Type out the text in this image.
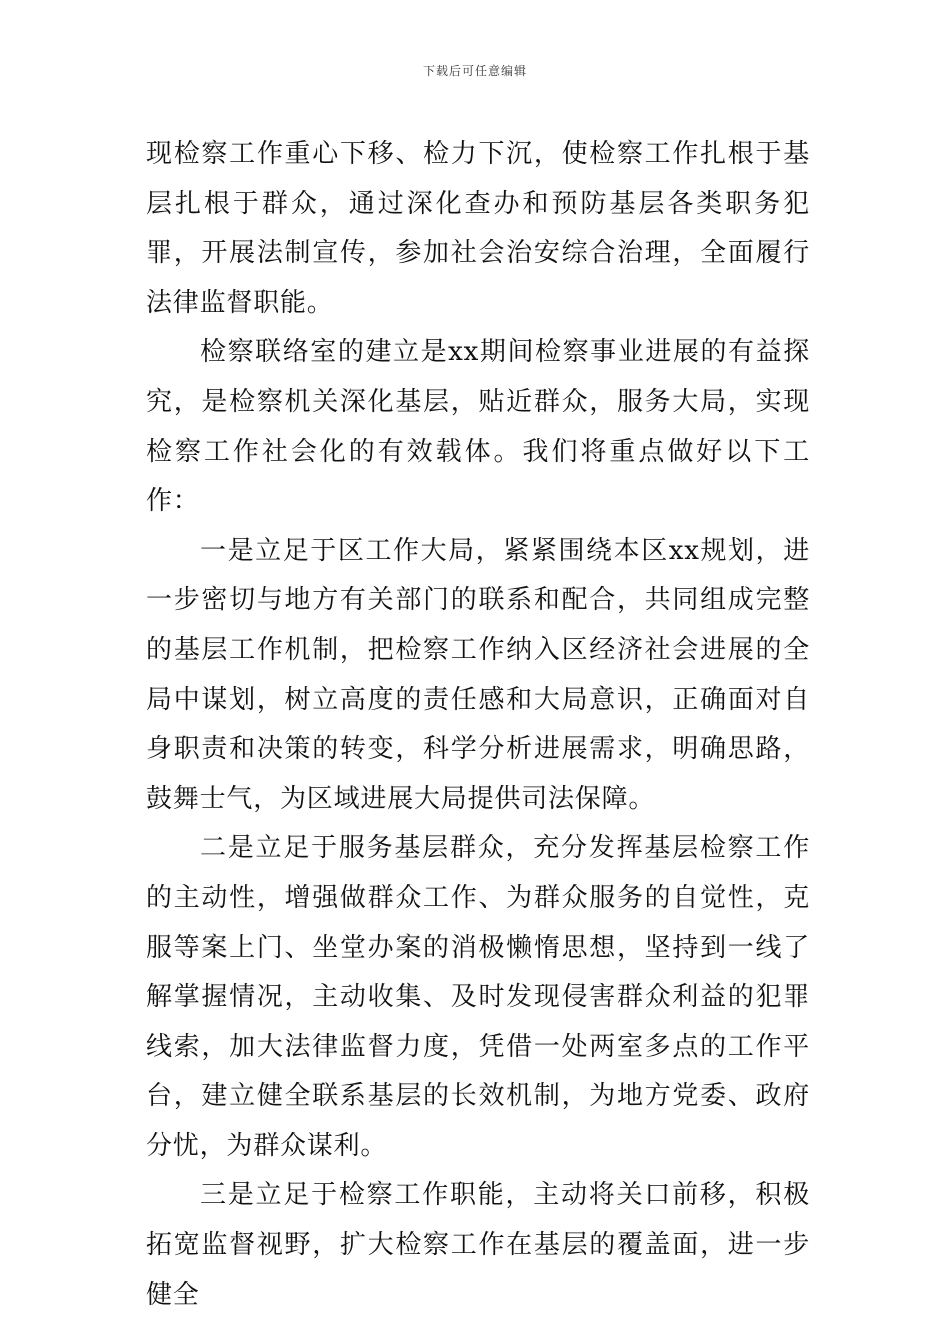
下载后可任意编辑

现检察工作重心下移、检力下沉，使检察工作扎根于基层扎根于群众，通过深化查办和预防基层各类职务犯罪，开展法制宣传，参加社会治安综合治理，全面履行法律监督职能。

检察联络室的建立是xx期间检察事业进展的有益探究，是检察机关深化基层，贴近群众，服务大局，实现检察工作社会化的有效载体。我们将重点做好以下工作：

一是立足于区工作大局，紧紧围绕本区xx规划，进一步密切与地方有关部门的联系和配合，共同组成完整的基层工作机制，把检察工作纳入区经济社会进展的全局中谋划，树立高度的责任感和大局意识，正确面对自身职责和决策的转变，科学分析进展需求，明确思路，鼓舞士气，为区域进展大局提供司法保障。

二是立足于服务基层群众，充分发挥基层检察工作的主动性，增强做群众工作、为群众服务的自觉性，克服等案上门、坐堂办案的消极懒惰思想，坚持到一线了解掌握情况，主动收集、及时发现侵害群众利益的犯罪线索，加大法律监督力度，凭借一处两室多点的工作平台，建立健全联系基层的长效机制，为地方党委、政府分忧，为群众谋利。

三是立足于检察工作职能，主动将关口前移，积极拓宽监督视野，扩大检察工作在基层的覆盖面，进一步健全
